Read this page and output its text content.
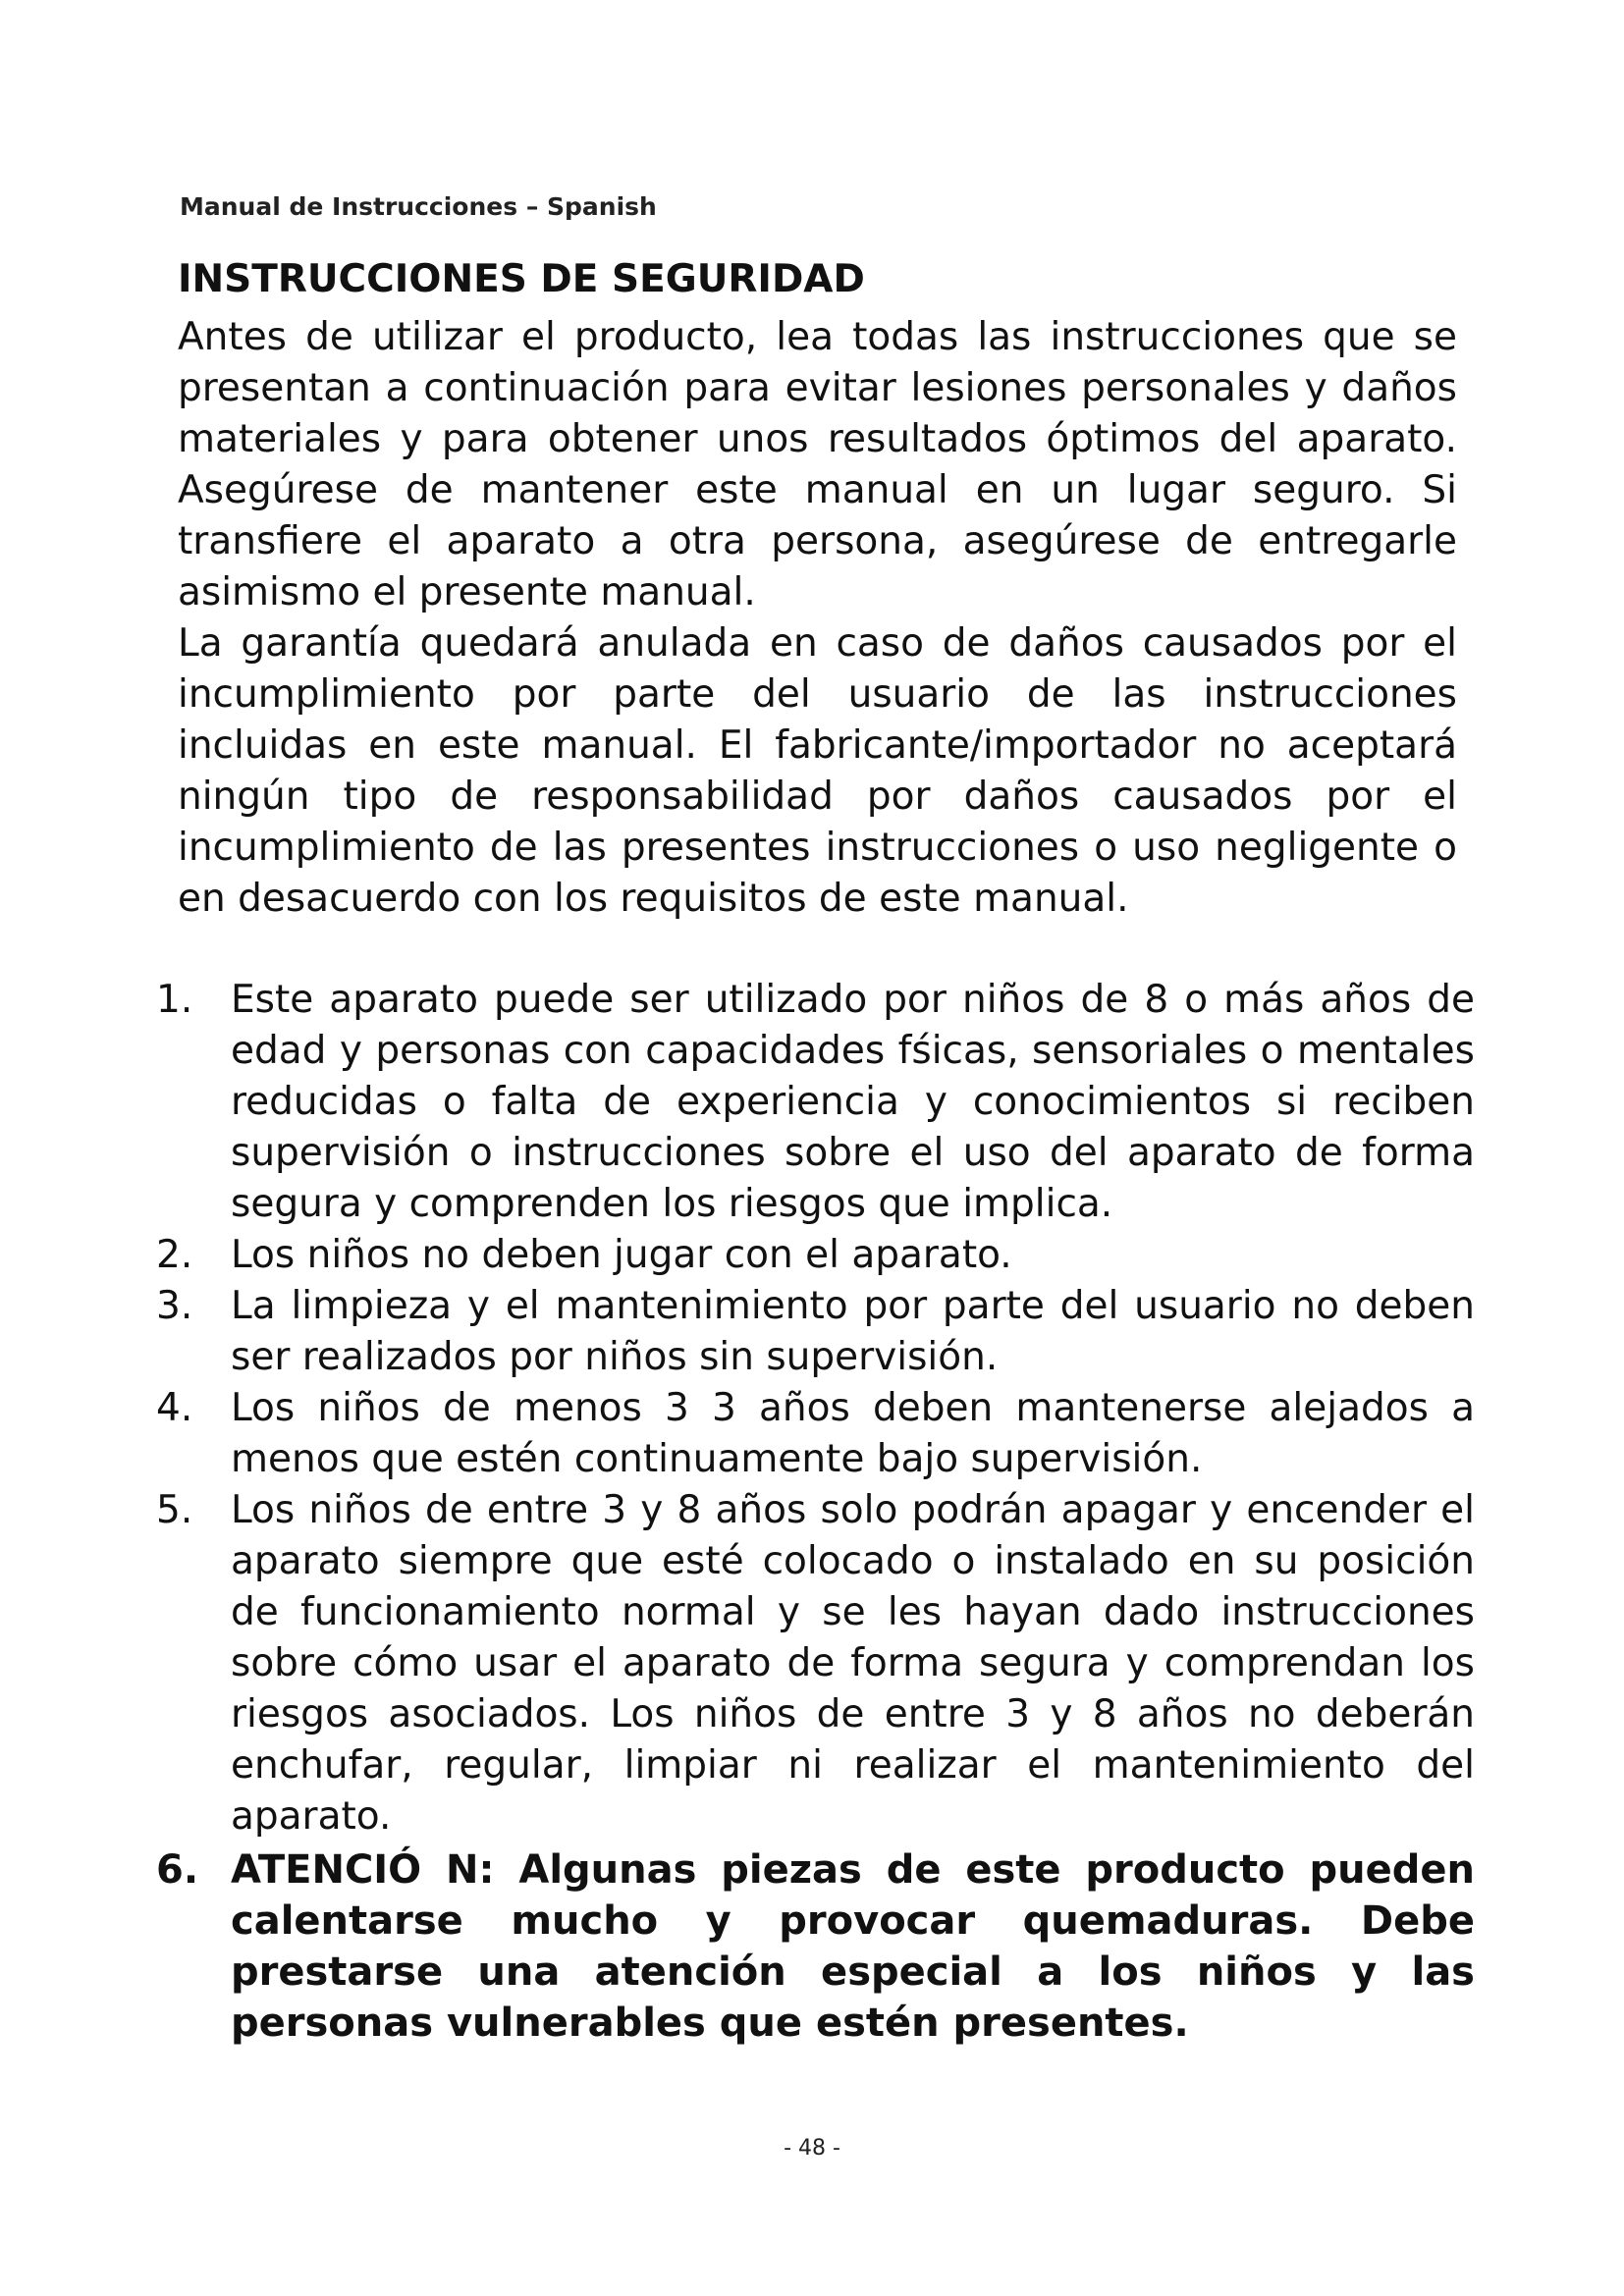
Manual de Instrucciones – Spanish
INSTRUCCIONES DE SEGURIDAD

Antes de utilizar el producto, lea todas las instrucciones que se presentan a continuación para evitar lesiones personales y daños materiales y para obtener unos resultados óptimos del aparato. Asegúrese de mantener este manual en un lugar seguro. Si transfiere el aparato a otra persona, asegúrese de entregarle asimismo el presente manual.

La garantía quedará anulada en caso de daños causados por el incumplimiento por parte del usuario de las instrucciones incluidas en este manual. El fabricante/importador no aceptará ningún tipo de responsabilidad por daños causados por el incumplimiento de las presentes instrucciones o uso negligente o en desacuerdo con los requisitos de este manual.

1. Este aparato puede ser utilizado por niños de 8 o más años de edad y personas con capacidades fśicas, sensoriales o mentales reducidas o falta de experiencia y conocimientos si reciben supervisión o instrucciones sobre el uso del aparato de forma segura y comprenden los riesgos que implica.
2. Los niños no deben jugar con el aparato.
3. La limpieza y el mantenimiento por parte del usuario no deben ser realizados por niños sin supervisión.
4. Los niños de menos 3 3 años deben mantenerse alejados a menos que estén continuamente bajo supervisión.
5. Los niños de entre 3 y 8 años solo podrán apagar y encender el aparato siempre que esté colocado o instalado en su posición de funcionamiento normal y se les hayan dado instrucciones sobre cómo usar el aparato de forma segura y comprendan los riesgos asociados. Los niños de entre 3 y 8 años no deberán enchufar, regular, limpiar ni realizar el mantenimiento del aparato.
6. ATENCIÓ N: Algunas piezas de este producto pueden calentarse mucho y provocar quemaduras. Debe prestarse una atención especial a los niños y las personas vulnerables que estén presentes.
- 48 -
